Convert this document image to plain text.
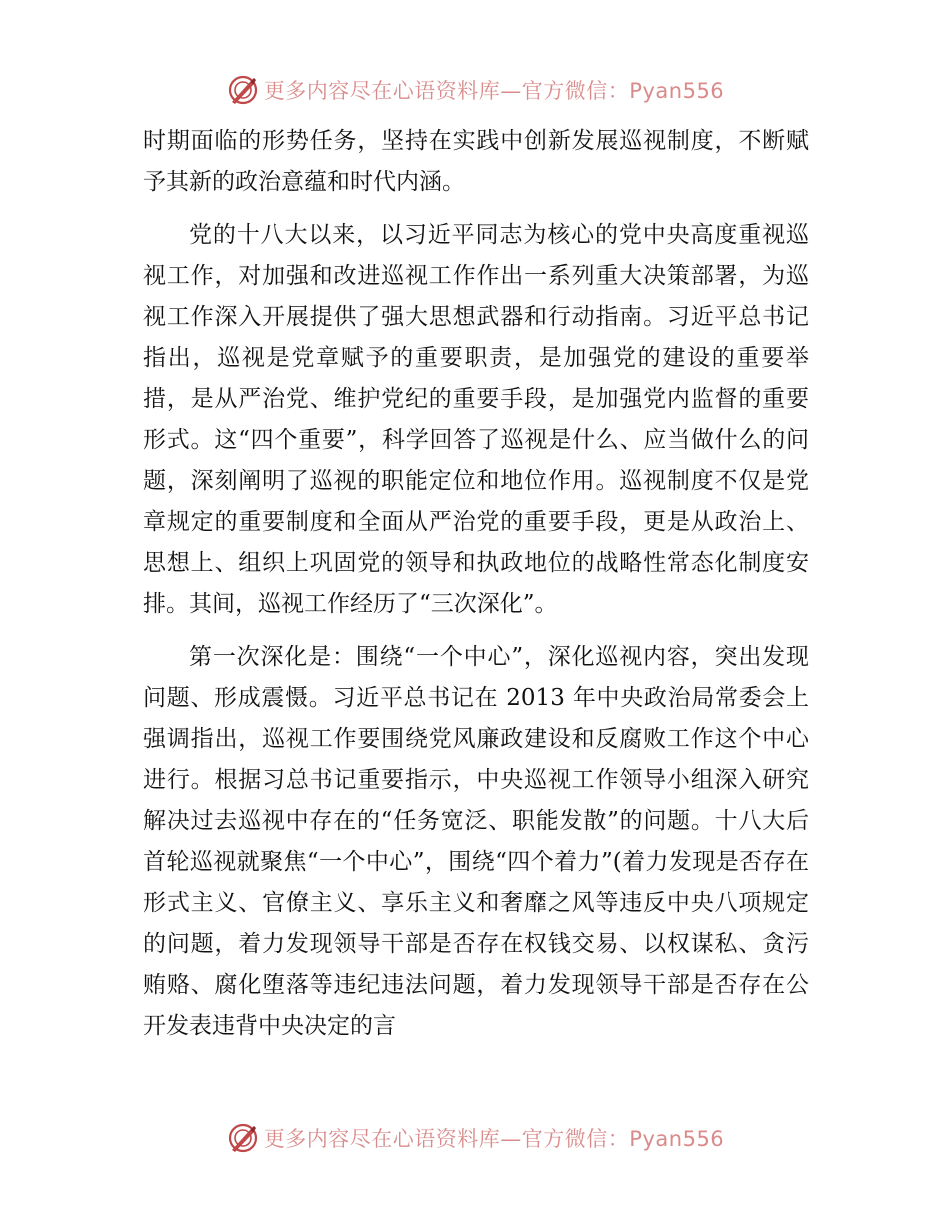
更多内容尽在心语资料库—官方微信：Pyan556

时期面临的形势任务，坚持在实践中创新发展巡视制度，不断赋予其新的政治意蕴和时代内涵。

党的十八大以来，以习近平同志为核心的党中央高度重视巡视工作，对加强和改进巡视工作作出一系列重大决策部署，为巡视工作深入开展提供了强大思想武器和行动指南。习近平总书记指出，巡视是党章赋予的重要职责，是加强党的建设的重要举措，是从严治党、维护党纪的重要手段，是加强党内监督的重要形式。这“四个重要”，科学回答了巡视是什么、应当做什么的问题，深刻阐明了巡视的职能定位和地位作用。巡视制度不仅是党章规定的重要制度和全面从严治党的重要手段，更是从政治上、思想上、组织上巩固党的领导和执政地位的战略性常态化制度安排。其间，巡视工作经历了“三次深化”。

第一次深化是：围绕“一个中心”，深化巡视内容，突出发现问题、形成震慑。习近平总书记在 2013 年中央政治局常委会上强调指出，巡视工作要围绕党风廉政建设和反腐败工作这个中心进行。根据习总书记重要指示，中央巡视工作领导小组深入研究解决过去巡视中存在的“任务宽泛、职能发散”的问题。十八大后首轮巡视就聚焦“一个中心”，围绕“四个着力”(着力发现是否存在形式主义、官僚主义、享乐主义和奢靡之风等违反中央八项规定的问题，着力发现领导干部是否存在权钱交易、以权谋私、贪污贿赂、腐化堕落等违纪违法问题，着力发现领导干部是否存在公开发表违背中央决定的言

更多内容尽在心语资料库—官方微信：Pyan556
